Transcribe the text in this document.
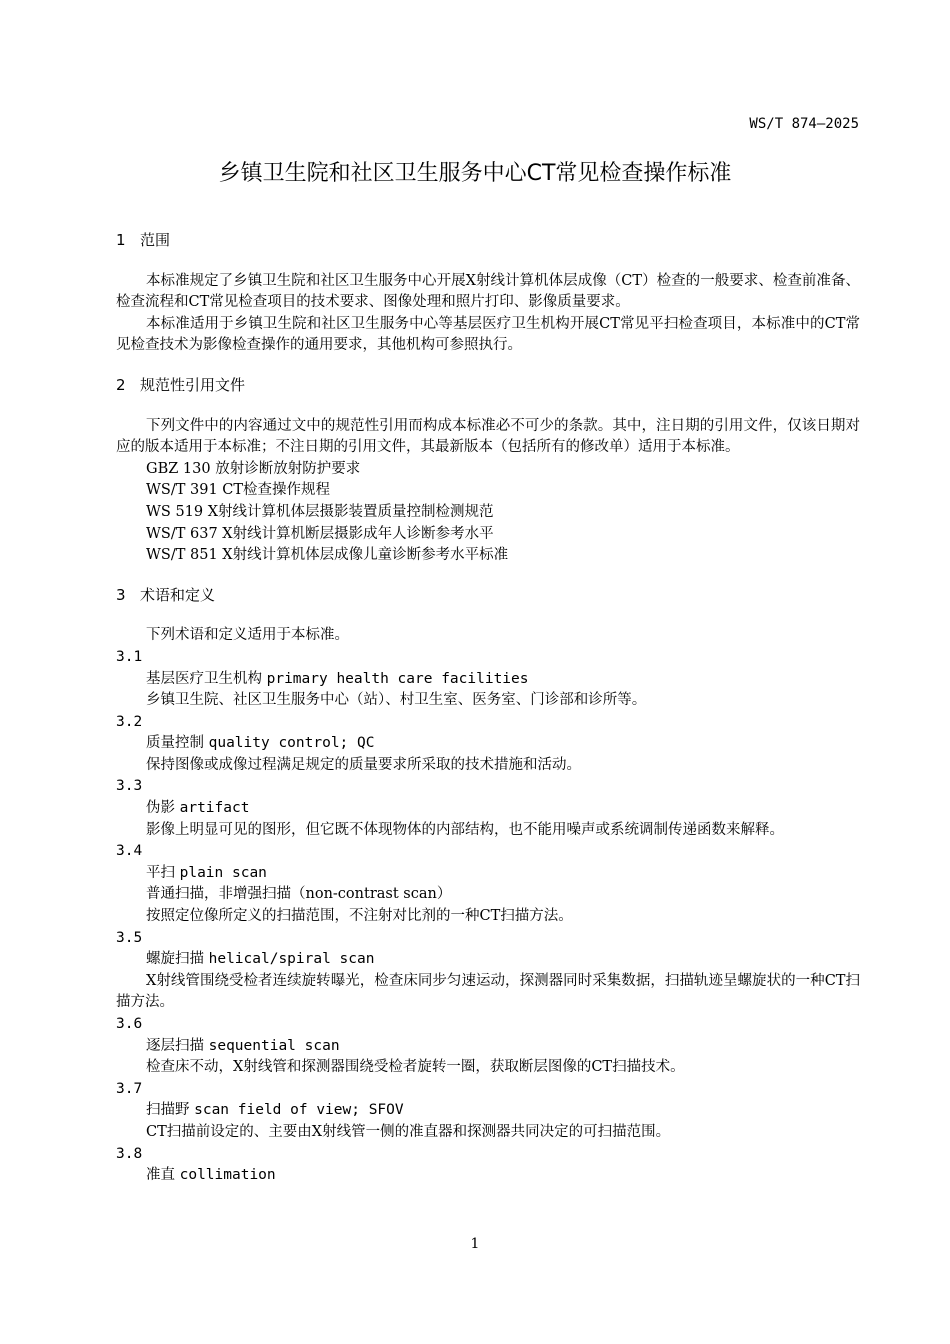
WS/T 874—2025
乡镇卫生院和社区卫生服务中心CT常见检查操作标准
1 范围

本标准规定了乡镇卫生院和社区卫生服务中心开展X射线计算机体层成像（CT）检查的一般要求、检查前准备、检查流程和CT常见检查项目的技术要求、图像处理和照片打印、影像质量要求。

本标准适用于乡镇卫生院和社区卫生服务中心等基层医疗卫生机构开展CT常见平扫检查项目，本标准中的CT常见检查技术为影像检查操作的通用要求，其他机构可参照执行。

2 规范性引用文件

下列文件中的内容通过文中的规范性引用而构成本标准必不可少的条款。其中，注日期的引用文件，仅该日期对应的版本适用于本标准；不注日期的引用文件，其最新版本（包括所有的修改单）适用于本标准。

GBZ 130 放射诊断放射防护要求

WS/T 391 CT检查操作规程

WS 519 X射线计算机体层摄影装置质量控制检测规范

WS/T 637 X射线计算机断层摄影成年人诊断参考水平

WS/T 851 X射线计算机体层成像儿童诊断参考水平标准

3 术语和定义

下列术语和定义适用于本标准。

3.1

基层医疗卫生机构 primary health care facilities

乡镇卫生院、社区卫生服务中心（站）、村卫生室、医务室、门诊部和诊所等。

3.2

质量控制 quality control; QC

保持图像或成像过程满足规定的质量要求所采取的技术措施和活动。

3.3

伪影 artifact

影像上明显可见的图形，但它既不体现物体的内部结构，也不能用噪声或系统调制传递函数来解释。

3.4

平扫 plain scan

普通扫描，非增强扫描（non-contrast scan）

按照定位像所定义的扫描范围，不注射对比剂的一种CT扫描方法。

3.5

螺旋扫描 helical/spiral scan

X射线管围绕受检者连续旋转曝光，检查床同步匀速运动，探测器同时采集数据，扫描轨迹呈螺旋状的一种CT扫描方法。

3.6

逐层扫描 sequential scan

检查床不动，X射线管和探测器围绕受检者旋转一圈，获取断层图像的CT扫描技术。

3.7

扫描野 scan field of view; SFOV

CT扫描前设定的、主要由X射线管一侧的准直器和探测器共同决定的可扫描范围。

3.8

准直 collimation

1
